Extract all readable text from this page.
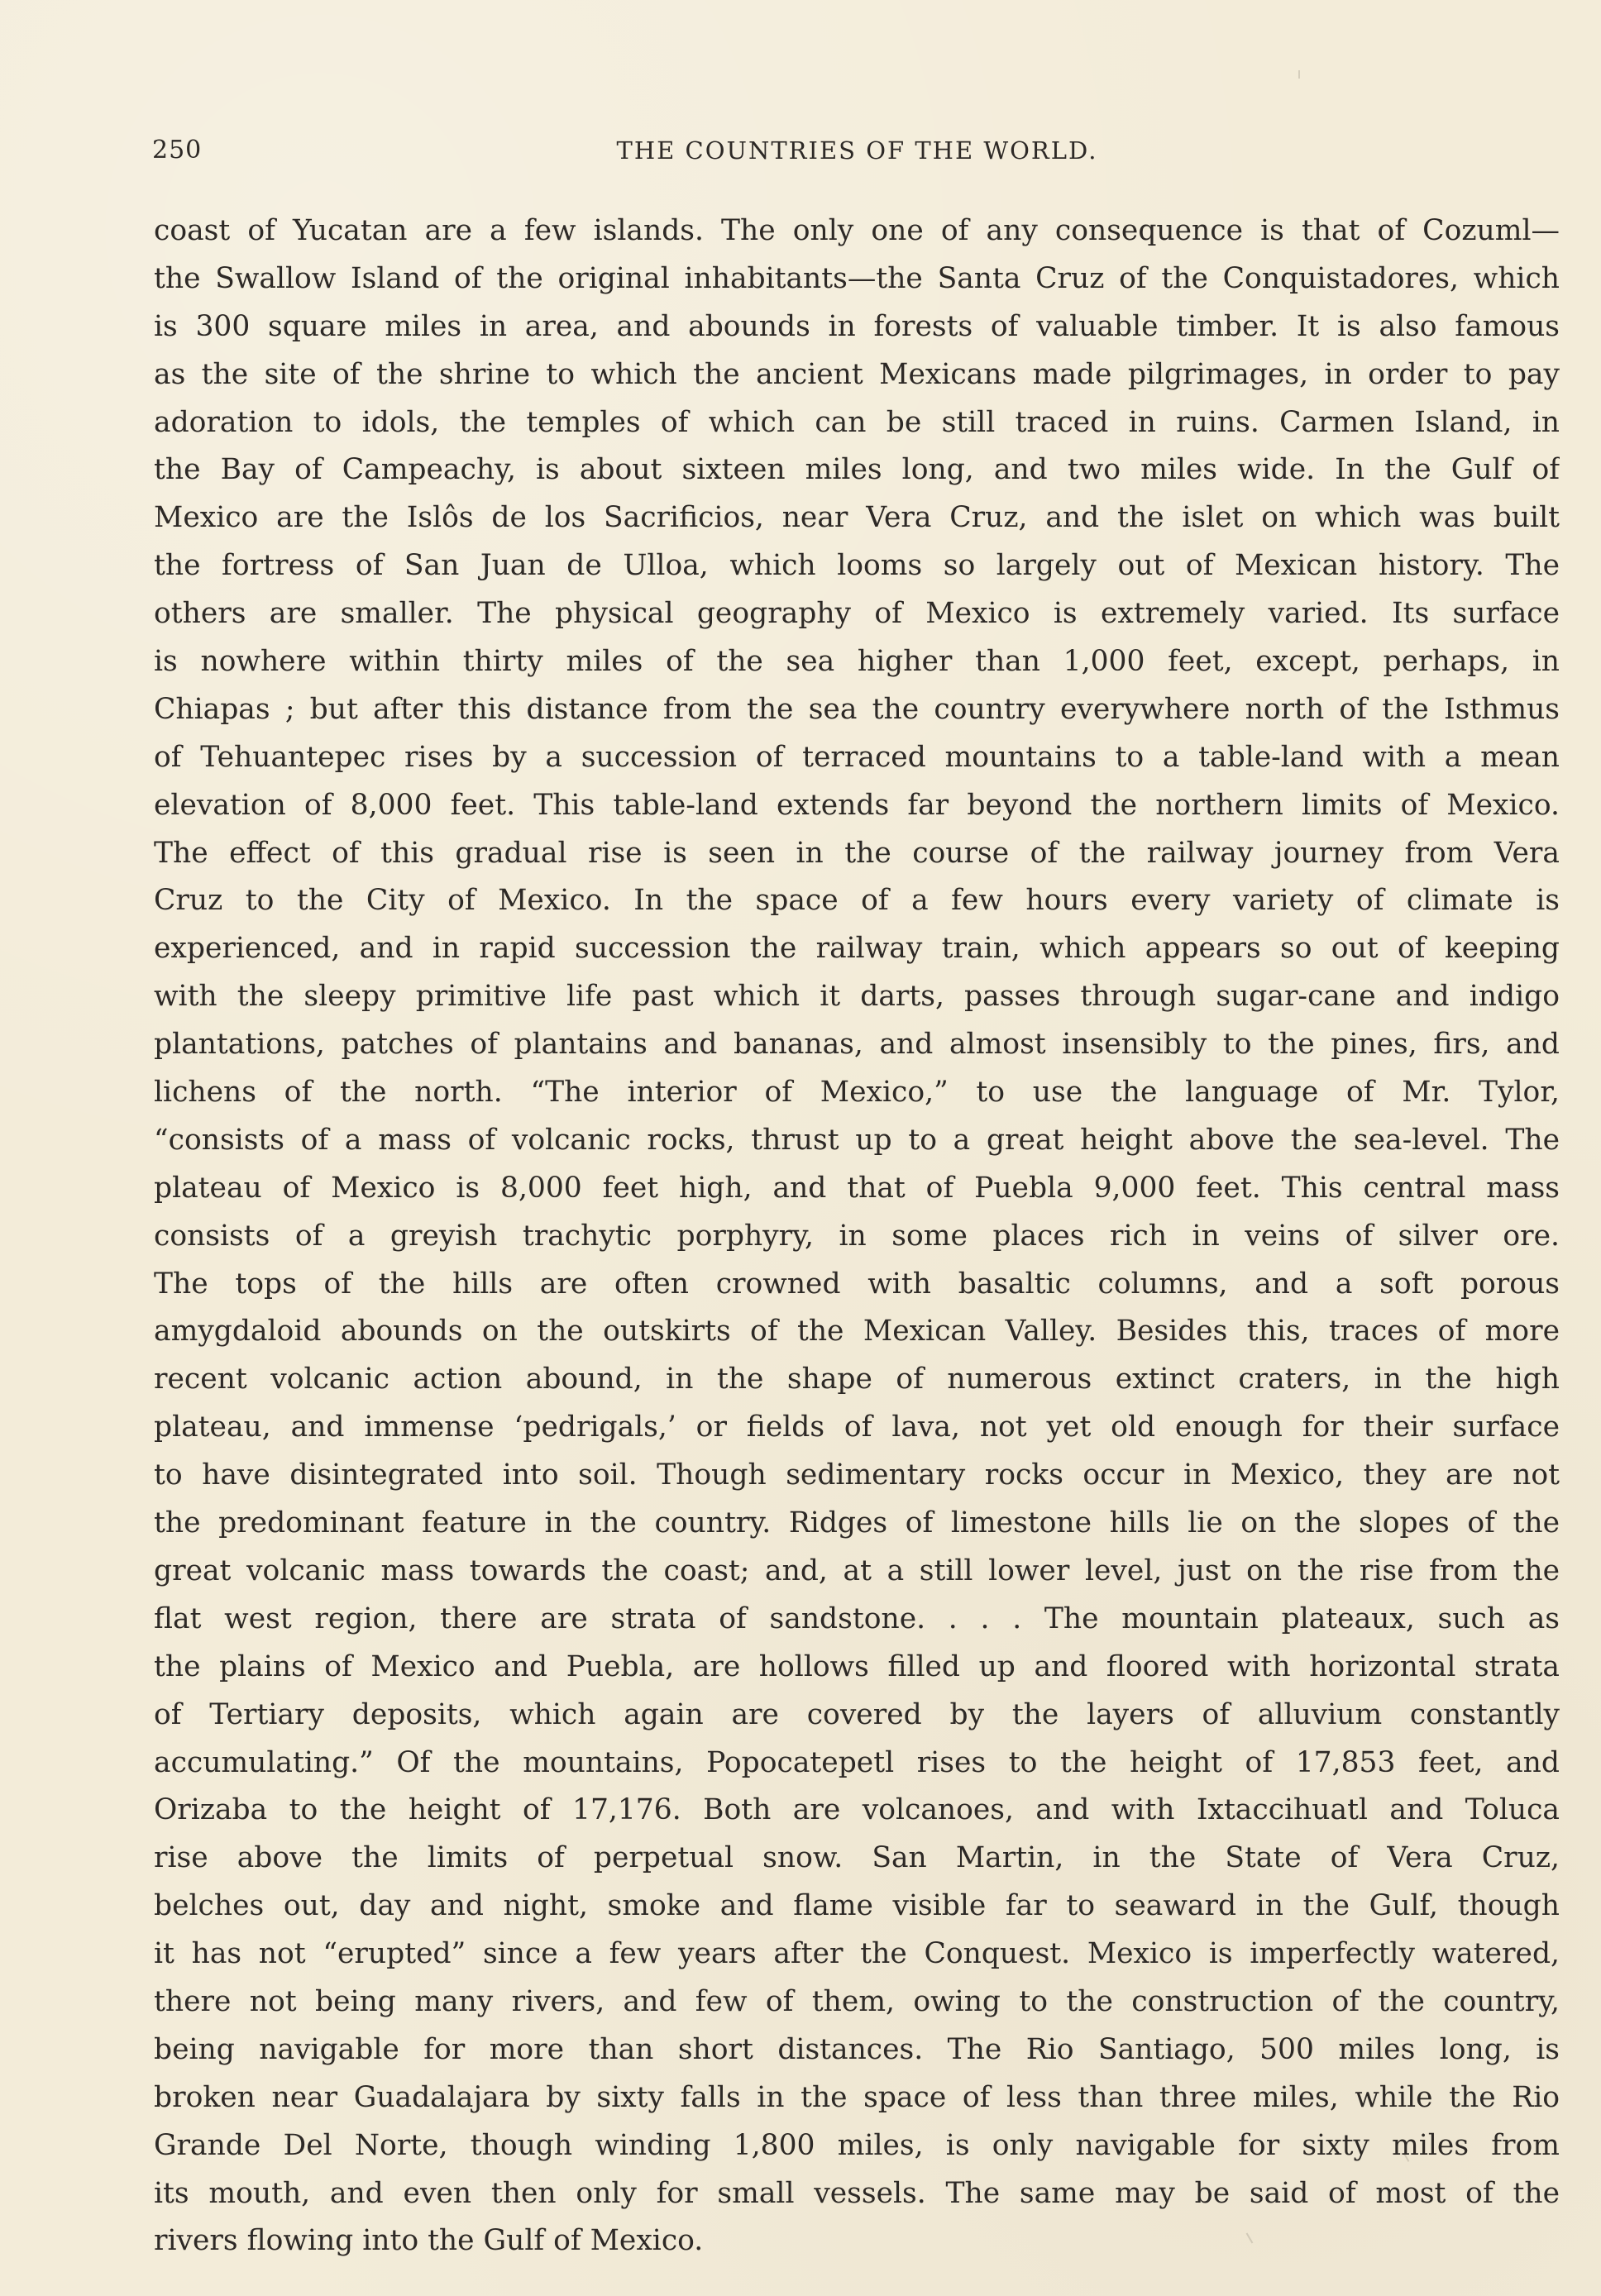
250	THE COUNTRIES OF THE WORLD.
coast of Yucatan are a few islands. The only one of any consequence is that of Cozuml—
the Swallow Island of the original inhabitants—the Santa Cruz of the Conquistadores, which
is 300 square miles in area, and abounds in forests of valuable timber. It is also famous
as the site of the shrine to which the ancient Mexicans made pilgrimages, in order to pay
adoration to idols, the temples of which can be still traced in ruins. Carmen Island, in
the Bay of Campeachy, is about sixteen miles long, and two miles wide. In the Gulf of
Mexico are the Islôs de los Sacrificios, near Vera Cruz, and the islet on which was built
the fortress of San Juan de Ulloa, which looms so largely out of Mexican history. The
others are smaller. The physical geography of Mexico is extremely varied. Its surface
is nowhere within thirty miles of the sea higher than 1,000 feet, except, perhaps, in
Chiapas ; but after this distance from the sea the country everywhere north of the Isthmus
of Tehuantepec rises by a succession of terraced mountains to a table-land with a mean
elevation of 8,000 feet. This table-land extends far beyond the northern limits of Mexico.
The effect of this gradual rise is seen in the course of the railway journey from Vera
Cruz to the City of Mexico. In the space of a few hours every variety of climate is
experienced, and in rapid succession the railway train, which appears so out of keeping
with the sleepy primitive life past which it darts, passes through sugar-cane and indigo
plantations, patches of plantains and bananas, and almost insensibly to the pines, firs, and
lichens of the north. “The interior of Mexico,” to use the language of Mr. Tylor,
“consists of a mass of volcanic rocks, thrust up to a great height above the sea-level. The
plateau of Mexico is 8,000 feet high, and that of Puebla 9,000 feet. This central mass
consists of a greyish trachytic porphyry, in some places rich in veins of silver ore.
The tops of the hills are often crowned with basaltic columns, and a soft porous
amygdaloid abounds on the outskirts of the Mexican Valley. Besides this, traces of more
recent volcanic action abound, in the shape of numerous extinct craters, in the high
plateau, and immense ‘pedrigals,’ or fields of lava, not yet old enough for their surface
to have disintegrated into soil. Though sedimentary rocks occur in Mexico, they are not
the predominant feature in the country. Ridges of limestone hills lie on the slopes of the
great volcanic mass towards the coast; and, at a still lower level, just on the rise from the
flat west region, there are strata of sandstone. . . . The mountain plateaux, such as
the plains of Mexico and Puebla, are hollows filled up and floored with horizontal strata
of Tertiary deposits, which again are covered by the layers of alluvium constantly
accumulating.” Of the mountains, Popocatepetl rises to the height of 17,853 feet, and
Orizaba to the height of 17,176. Both are volcanoes, and with Ixtaccihuatl and Toluca
rise above the limits of perpetual snow. San Martin, in the State of Vera Cruz,
belches out, day and night, smoke and flame visible far to seaward in the Gulf, though
it has not “erupted” since a few years after the Conquest. Mexico is imperfectly watered,
there not being many rivers, and few of them, owing to the construction of the country,
being navigable for more than short distances. The Rio Santiago, 500 miles long, is
broken near Guadalajara by sixty falls in the space of less than three miles, while the Rio
Grande Del Norte, though winding 1,800 miles, is only navigable for sixty miles from
its mouth, and even then only for small vessels. The same may be said of most of the
rivers flowing into the Gulf of Mexico.
